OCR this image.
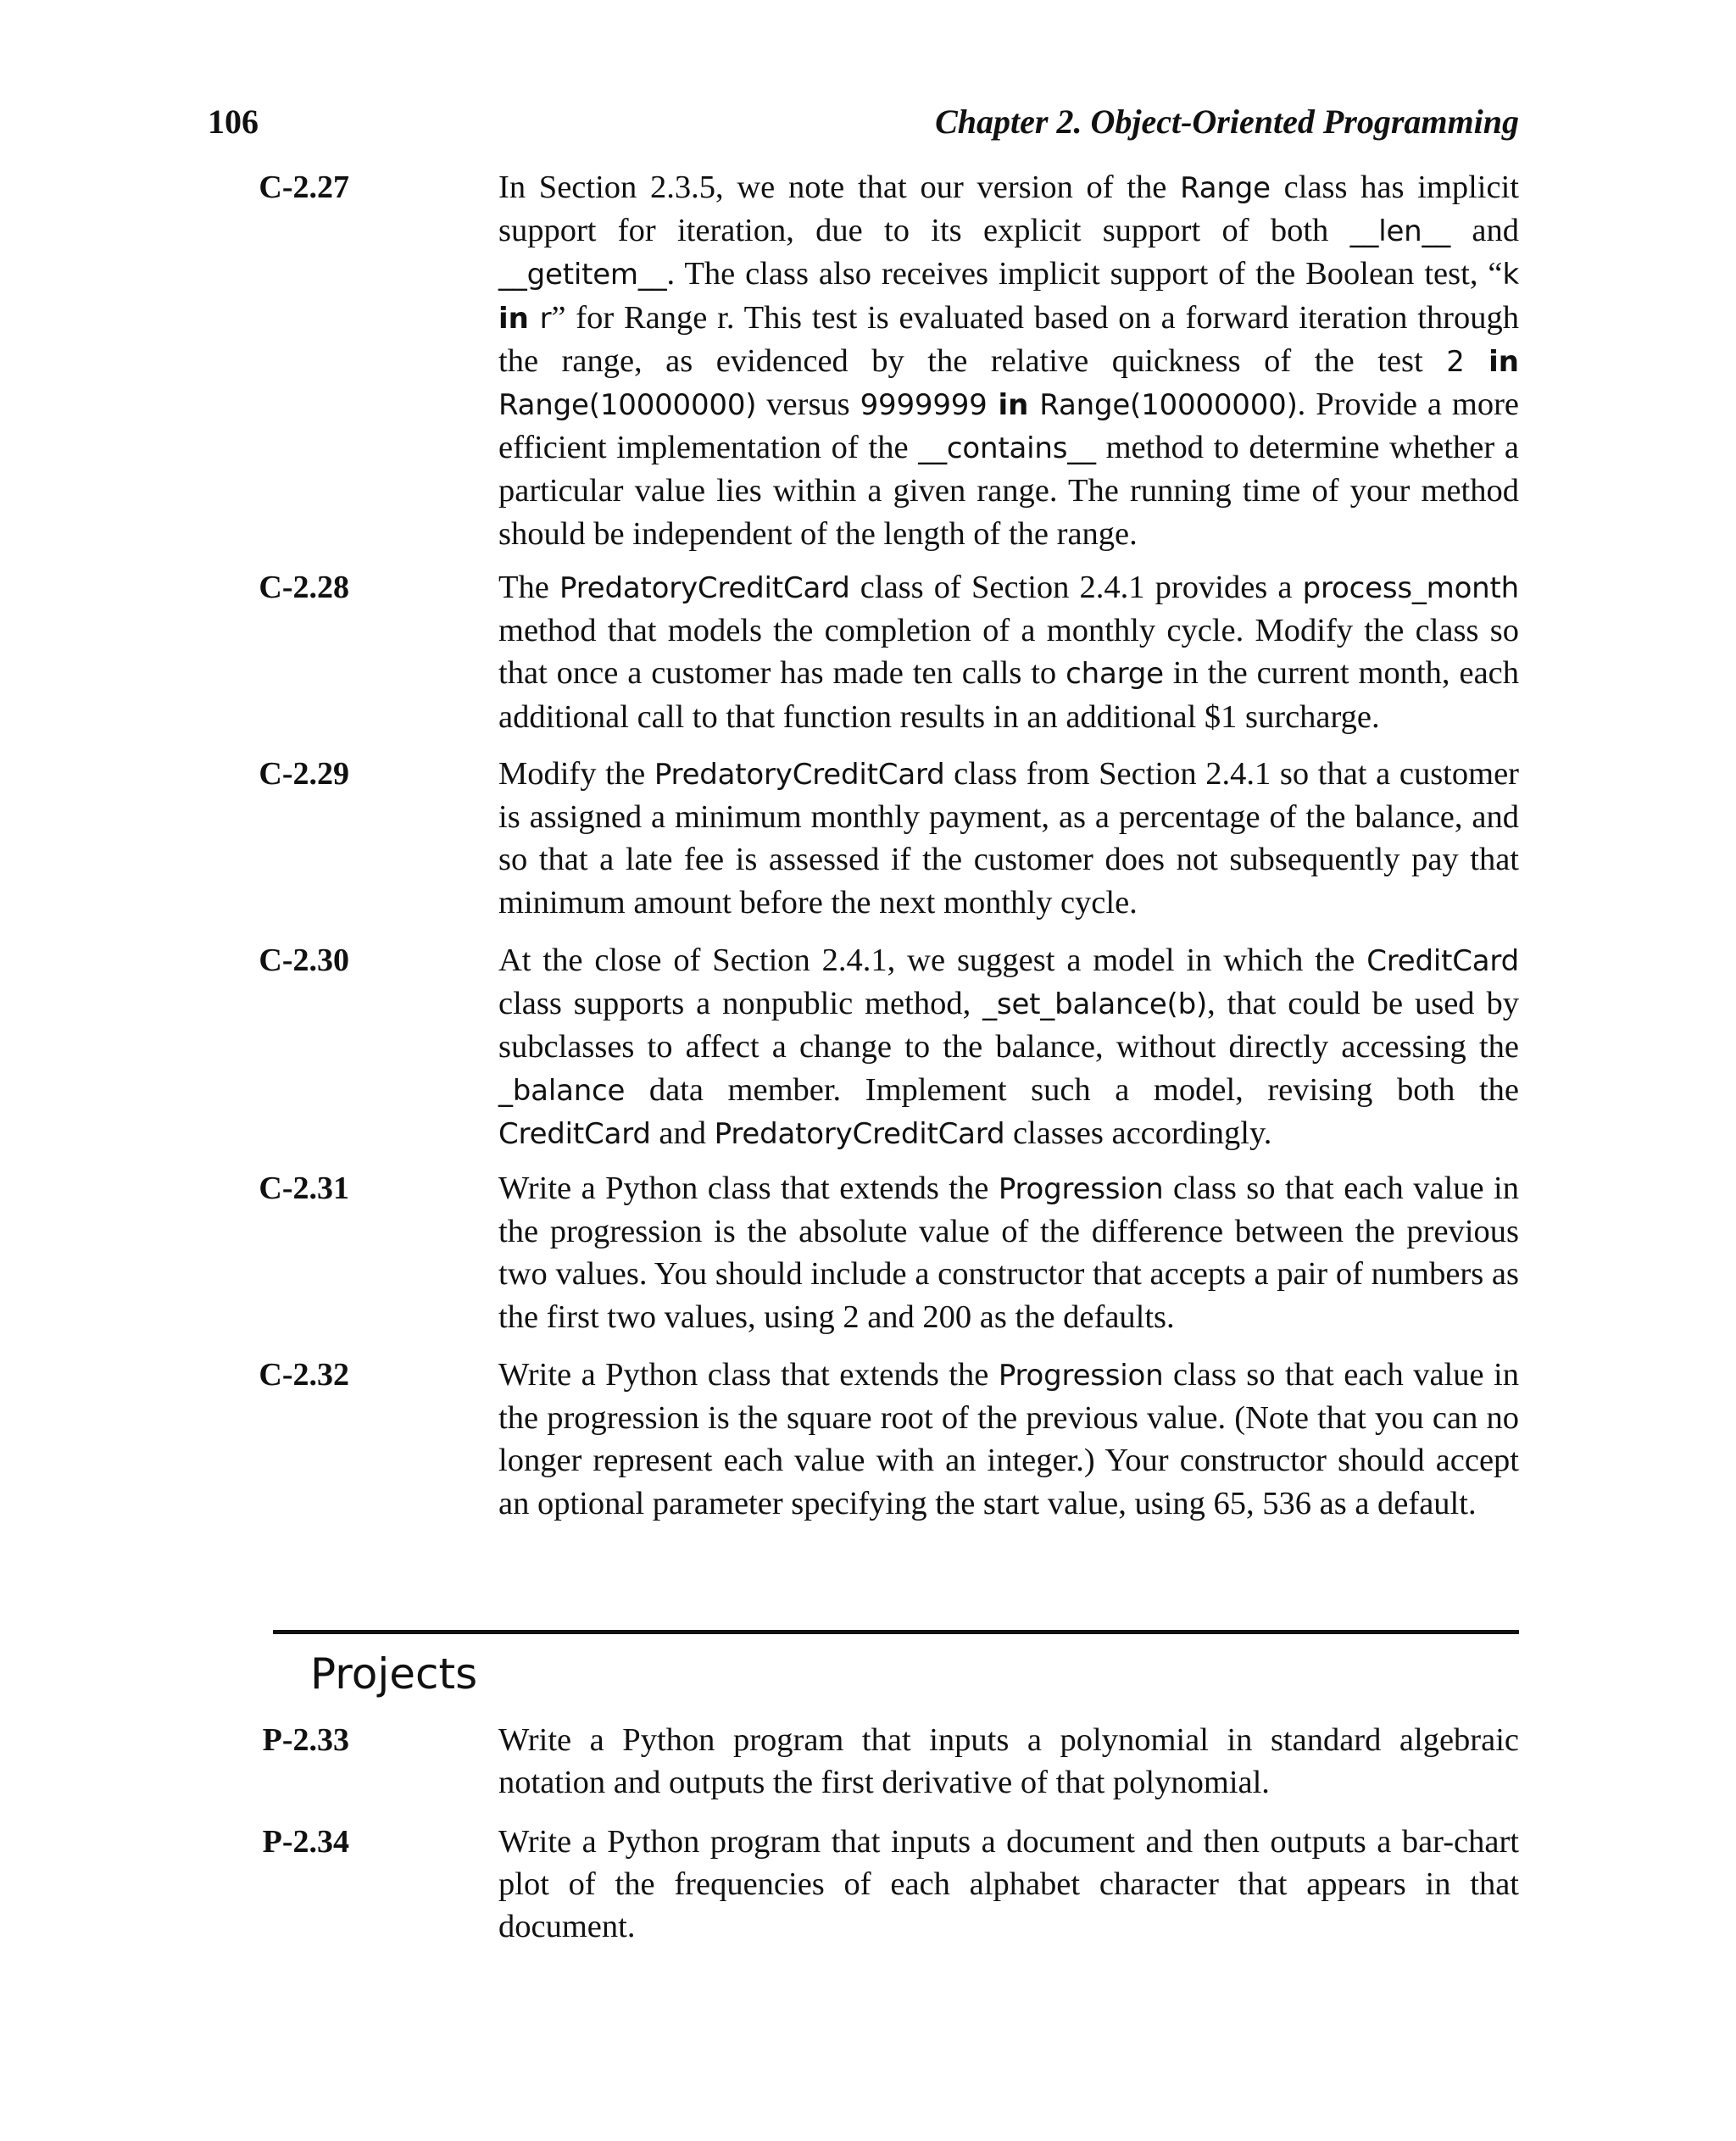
106	Chapter 2. Object-Oriented Programming
C-2.27	In Section 2.3.5, we note that our version of the Range class has implicit support for iteration, due to its explicit support of both __len__ and __getitem__. The class also receives implicit support of the Boolean test, “k in r” for Range r. This test is evaluated based on a forward iteration through the range, as evidenced by the relative quickness of the test 2 in Range(10000000) versus 9999999 in Range(10000000). Provide a more efficient implementation of the __contains__ method to determine whether a particular value lies within a given range. The running time of your method should be independent of the length of the range.
C-2.28	The PredatoryCreditCard class of Section 2.4.1 provides a process_month method that models the completion of a monthly cycle. Modify the class so that once a customer has made ten calls to charge in the current month, each additional call to that function results in an additional $1 surcharge.
C-2.29	Modify the PredatoryCreditCard class from Section 2.4.1 so that a customer is assigned a minimum monthly payment, as a percentage of the balance, and so that a late fee is assessed if the customer does not subsequently pay that minimum amount before the next monthly cycle.
C-2.30	At the close of Section 2.4.1, we suggest a model in which the CreditCard class supports a nonpublic method, _set_balance(b), that could be used by subclasses to affect a change to the balance, without directly accessing the _balance data member. Implement such a model, revising both the CreditCard and PredatoryCreditCard classes accordingly.
C-2.31	Write a Python class that extends the Progression class so that each value in the progression is the absolute value of the difference between the previous two values. You should include a constructor that accepts a pair of numbers as the first two values, using 2 and 200 as the defaults.
C-2.32	Write a Python class that extends the Progression class so that each value in the progression is the square root of the previous value. (Note that you can no longer represent each value with an integer.) Your constructor should accept an optional parameter specifying the start value, using 65, 536 as a default.
Projects
P-2.33	Write a Python program that inputs a polynomial in standard algebraic notation and outputs the first derivative of that polynomial.
P-2.34	Write a Python program that inputs a document and then outputs a bar-chart plot of the frequencies of each alphabet character that appears in that document.
